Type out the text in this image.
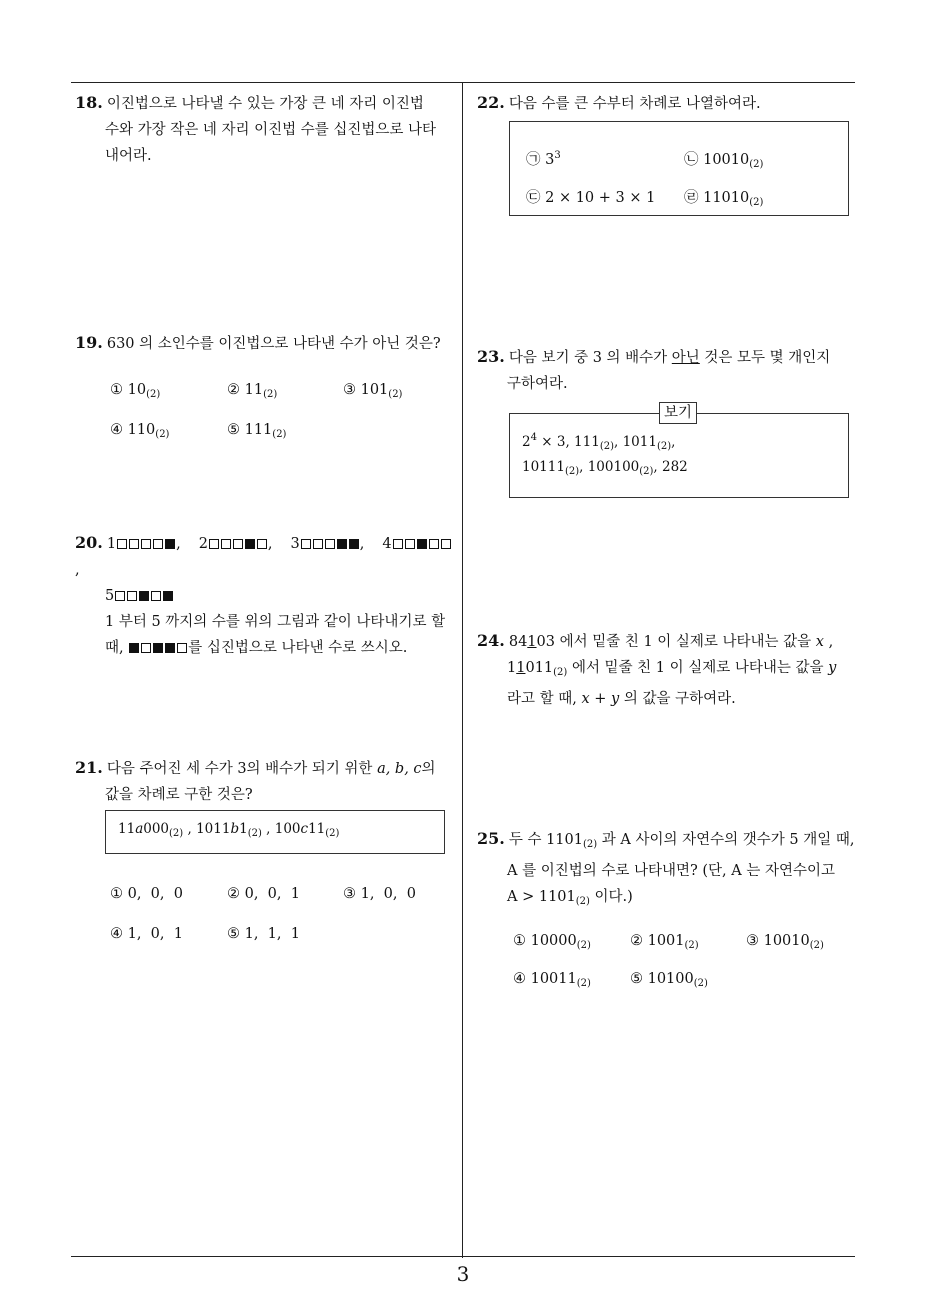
18. 이진법으로 나타낼 수 있는 가장 큰 네 자리 이진법
수와 가장 작은 네 자리 이진법 수를 십진법으로 나타
내어라.
19. 630 의 소인수를 이진법으로 나타낸 수가 아닌 것은?
① $10_{(2)}$	② $11_{(2)}$	③ $101_{(2)}$
④ $110_{(2)}$	⑤ $111_{(2)}$
20. 1	, 2	, 3	, 4,
5
1 부터 5 까지의 수를 위의 그림과 같이 나타내기로 할
때,	를 십진법으로 나타낸 수로 쓰시오.
21. 다음 주어진 세 수가 3의 배수가 되기 위한 a, b, c의
값을 차례로 구한 것은?
$11a000_{(2)}$ , $1011b1_{(2)}$ , $100c11_{(2)}$
① 0,  0,  0	② 0,  0,  1	③ 1,  0,  0
④ 1,  0,  1	⑤ 1,  1,  1
22. 다음 수를 큰 수부터 차례로 나열하여라.
㉠ $3^3$	㉡ $10010_{(2)}$
㉢ 2 × 10 + 3 × 1 ㉣ $11010_{(2)}$
23. 다음 보기 중 3 의 배수가 아닌 것은 모두 몇 개인지
구하여라.
$2^4 \times 3$, $111_{(2)}$, $1011_{(2)}$,
$10111_{(2)}$, $100100_{(2)}$, 282
보기
24. 84103 에서 밑줄 친 1 이 실제로 나타내는 값을 x ,
$11011_{(2)}$ 에서 밑줄 친 1 이 실제로 나타내는 값을 y
라고 할 때, x + y 의 값을 구하여라.
25. 두 수 $1101_{(2)}$ 과 A 사이의 자연수의 갯수가 5 개일 때,
A 를 이진법의 수로 나타내면? (단, A 는 자연수이고
$A > 1101_{(2)}$ 이다.)
① $10000_{(2)}$	② $1001_{(2)}$	③ $10010_{(2)}$
④ $10011_{(2)}$	⑤ $10100_{(2)}$
3
